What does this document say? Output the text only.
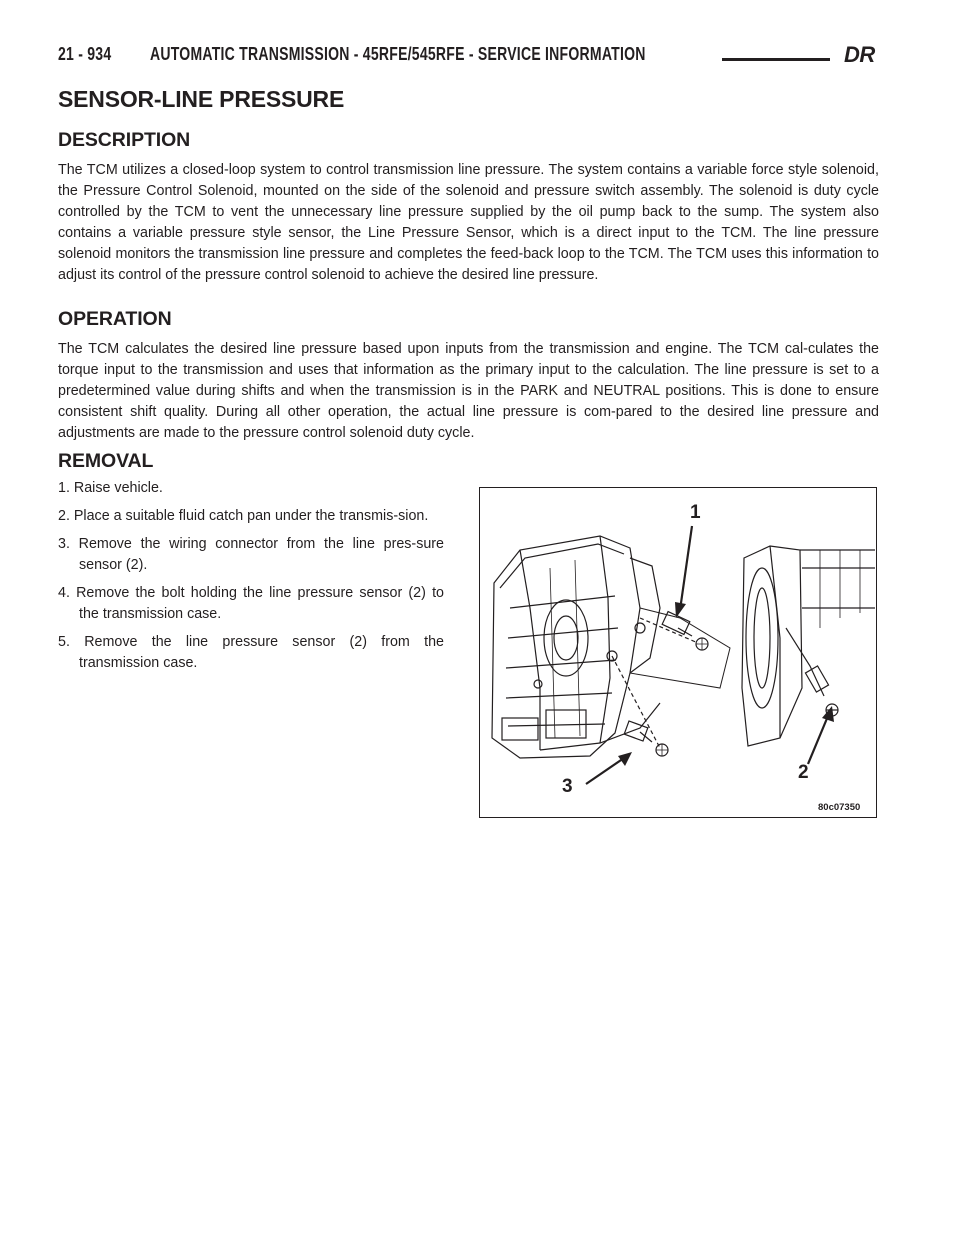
21 - 934 AUTOMATIC TRANSMISSION - 45RFE/545RFE - SERVICE INFORMATION	DR
SENSOR-LINE PRESSURE
DESCRIPTION

The TCM utilizes a closed-loop system to control transmission line pressure. The system contains a variable force style solenoid, the Pressure Control Solenoid, mounted on the side of the solenoid and pressure switch assembly. The solenoid is duty cycle controlled by the TCM to vent the unnecessary line pressure supplied by the oil pump back to the sump. The system also contains a variable pressure style sensor, the Line Pressure Sensor, which is a direct input to the TCM. The line pressure solenoid monitors the transmission line pressure and completes the feed-back loop to the TCM. The TCM uses this information to adjust its control of the pressure control solenoid to achieve the desired line pressure.

OPERATION

The TCM calculates the desired line pressure based upon inputs from the transmission and engine. The TCM cal-culates the torque input to the transmission and uses that information as the primary input to the calculation. The line pressure is set to a predetermined value during shifts and when the transmission is in the PARK and NEUTRAL positions. This is done to ensure consistent shift quality. During all other operation, the actual line pressure is com-pared to the desired line pressure and adjustments are made to the pressure control solenoid duty cycle.

REMOVAL
1. Raise vehicle.
2. Place a suitable fluid catch pan under the transmis-sion.
3. Remove the wiring connector from the line pres-sure sensor (2).
4. Remove the bolt holding the line pressure sensor (2) to the transmission case.
5. Remove the line pressure sensor (2) from the transmission case.
1
2
3
80c07350
